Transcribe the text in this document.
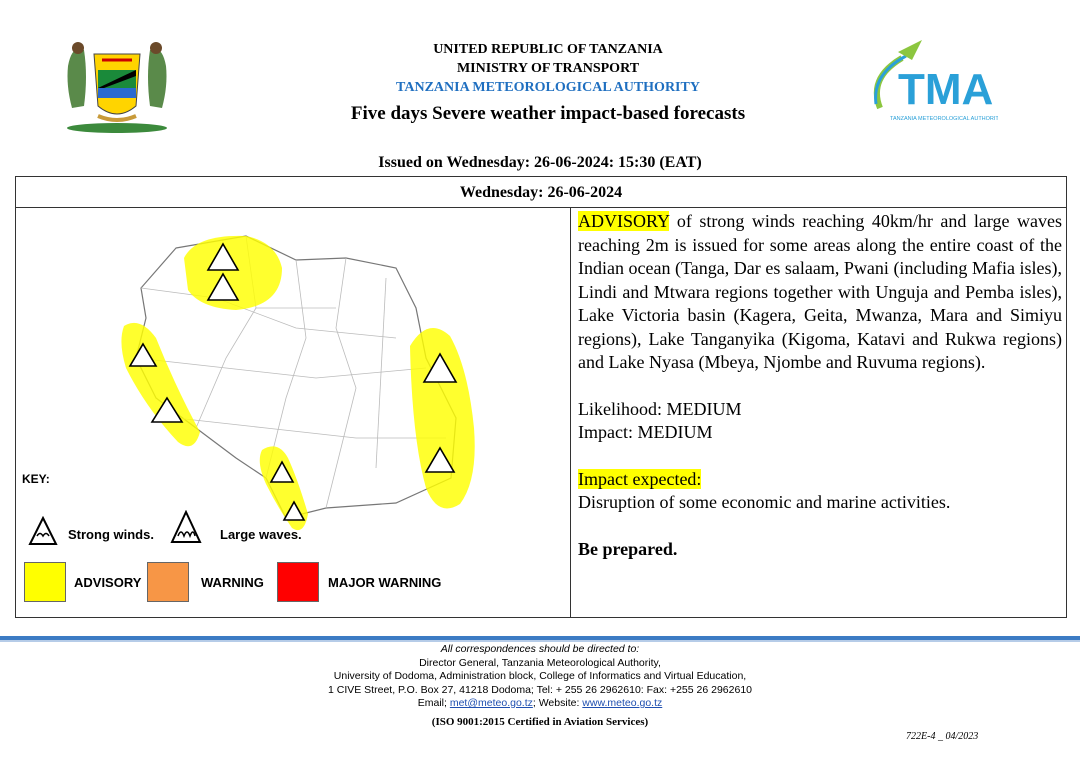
UNITED REPUBLIC OF TANZANIA
MINISTRY OF TRANSPORT
TANZANIA METEOROLOGICAL AUTHORITY
Five days Severe weather impact-based forecasts	TMA
TANZANIA METEOROLOGICAL AUTHORITY
Issued on Wednesday: 26-06-2024: 15:30 (EAT)
Wednesday: 26-06-2024

ADVISORY of strong winds reaching 40km/hr and large waves reaching 2m is issued for some areas along the entire coast of the Indian ocean (Tanga, Dar es salaam, Pwani (including Mafia isles), Lindi and Mtwara regions together with Unguja and Pemba isles), Lake Victoria basin (Kagera, Geita, Mwanza, Mara and Simiyu regions), Lake Tanganyika (Kigoma, Katavi and Rukwa regions) and Lake Nyasa (Mbeya, Njombe and Ruvuma regions).

Likelihood: MEDIUM

Impact: MEDIUM

Impact expected:

Disruption of some economic and marine activities.

Be prepared.

KEY:
Strong winds.	Large waves.
ADVISORY	WARNING	MAJOR WARNING
All correspondences should be directed to:
Director General, Tanzania Meteorological Authority,
University of Dodoma, Administration block, College of Informatics and Virtual Education,
1 CIVE Street, P.O. Box 27, 41218 Dodoma; Tel: + 255 26 2962610: Fax: +255 26 2962610
Email; met@meteo.go.tz; Website: www.meteo.go.tz
(ISO 9001:2015 Certified in Aviation Services)
722E-4 _ 04/2023
